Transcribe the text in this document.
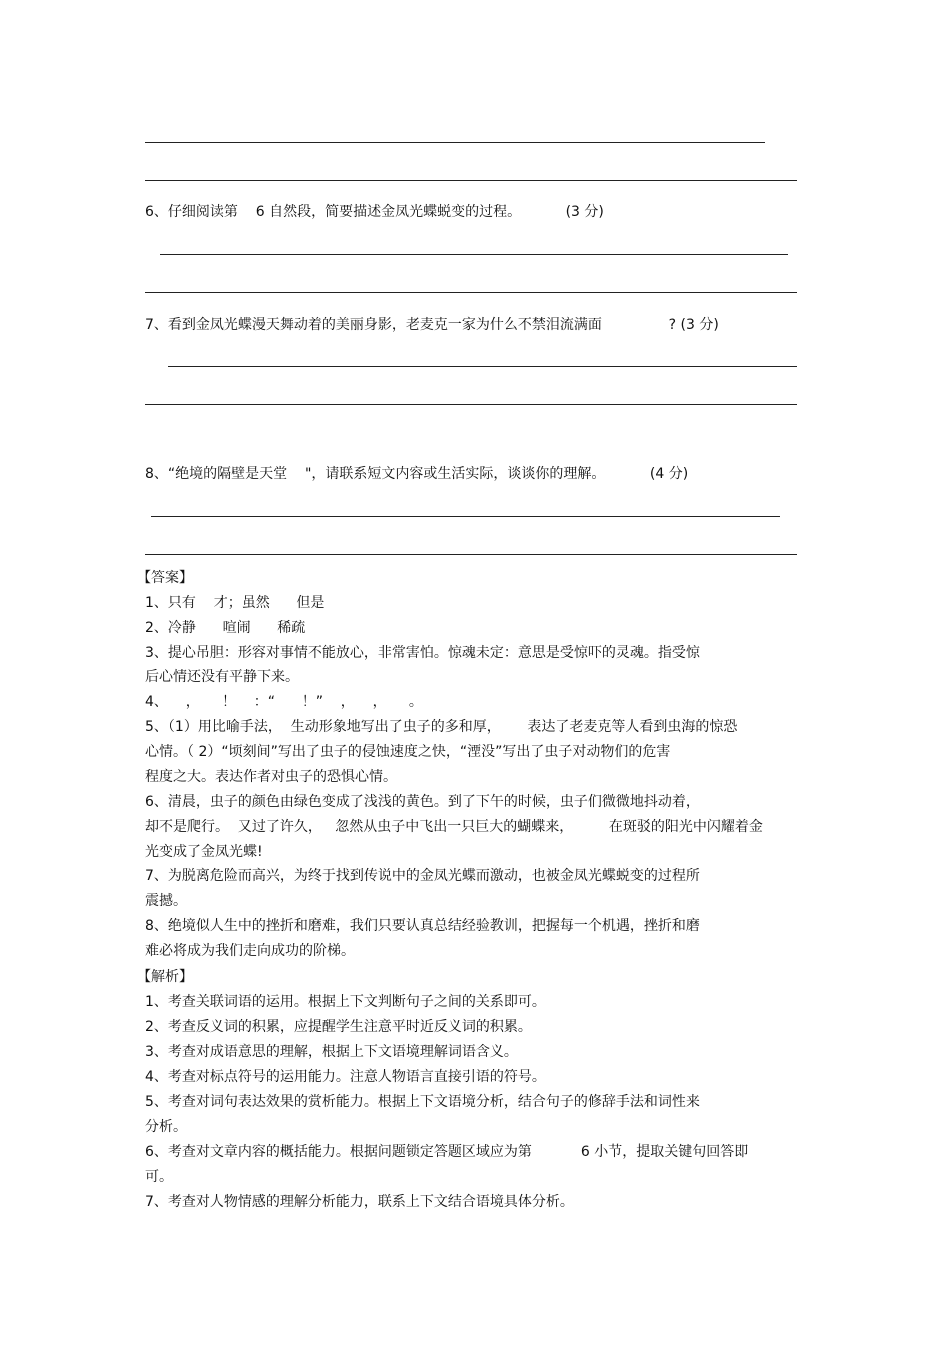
6、仔细阅读第    6 自然段，简要描述金凤光蝶蜕变的过程。          (3 分)
7、看到金凤光蝶漫天舞动着的美丽身影，老麦克一家为什么不禁泪流满面               ? (3 分)
8、“绝境的隔壁是天堂    "，请联系短文内容或生活实际，谈谈你的理解。          (4 分)
【答案】
1、只有    才；虽然      但是
2、冷静      喧闹      稀疏
3、提心吊胆：形容对事情不能放心，非常害怕。惊魂未定：意思是受惊吓的灵魂。指受惊
后心情还没有平静下来。
4、    ，     ！    ：“      ！”    ，    ，     。
5、（1）用比喻手法，  生动形象地写出了虫子的多和厚，      表达了老麦克等人看到虫海的惊恐
心情。（ 2）“顷刻间”写出了虫子的侵蚀速度之快，“湮没”写出了虫子对动物们的危害
程度之大。表达作者对虫子的恐惧心情。
6、清晨，虫子的颜色由绿色变成了浅浅的黄色。到了下午的时候，虫子们微微地抖动着，
却不是爬行。  又过了许久，   忽然从虫子中飞出一只巨大的蝴蝶来，        在斑驳的阳光中闪耀着金
光变成了金凤光蝶!
7、为脱离危险而高兴，为终于找到传说中的金凤光蝶而激动，也被金凤光蝶蜕变的过程所
震撼。
8、绝境似人生中的挫折和磨难，我们只要认真总结经验教训，把握每一个机遇，挫折和磨
难必将成为我们走向成功的阶梯。
【解析】
1、考查关联词语的运用。根据上下文判断句子之间的关系即可。
2、考查反义词的积累，应提醒学生注意平时近反义词的积累。
3、考查对成语意思的理解，根据上下文语境理解词语含义。
4、考查对标点符号的运用能力。注意人物语言直接引语的符号。
5、考查对词句表达效果的赏析能力。根据上下文语境分析，结合句子的修辞手法和词性来
分析。
6、考查对文章内容的概括能力。根据问题锁定答题区域应为第           6 小节，提取关键句回答即
可。
7、考查对人物情感的理解分析能力，联系上下文结合语境具体分析。
